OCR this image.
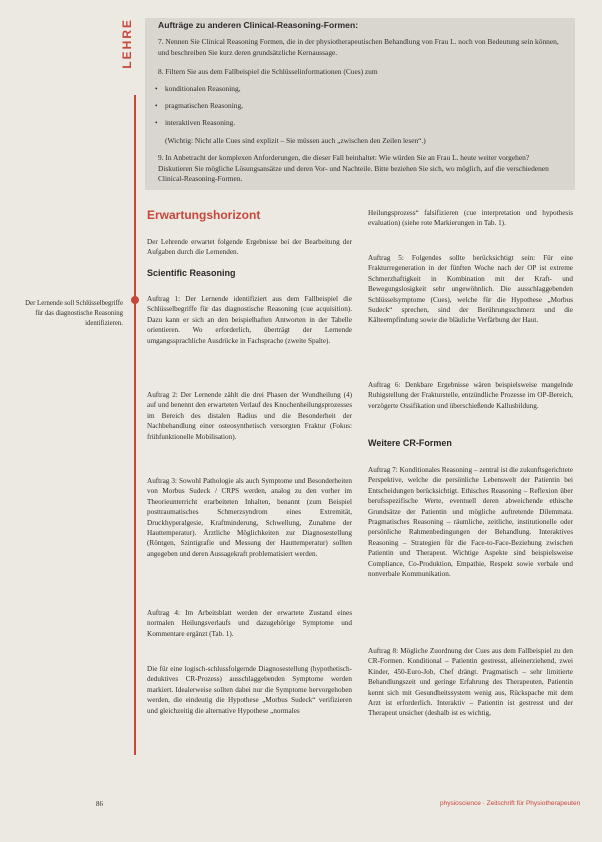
LEHRE	Aufträge zu anderen Clinical-Reasoning-Formen:
7. Nennen Sie Clinical Reasoning Formen, die in der physiotherapeutischen Behandlung von Frau L. noch von Bedeutung sein können, und beschreiben Sie kurz deren grundsätzliche Kernaussage.
8. Filtern Sie aus dem Fallbeispiel die Schlüsselinformationen (Cues) zum
• konditionalen Reasoning,
• pragmatischen Reasoning,
• interaktiven Reasoning.
(Wichtig: Nicht alle Cues sind explizit – Sie müssen auch „zwischen den Zeilen lesen“.)
9. In Anbetracht der komplexen Anforderungen, die dieser Fall beinhaltet: Wie würden Sie an Frau L. heute weiter vorgehen? Diskutieren Sie mögliche Lösungsansätze und deren Vor- und Nachteile. Bitte beziehen Sie sich, wo möglich, auf die verschiedenen Clinical-Reasoning-Formen.
Erwartungshorizont
Der Lehrende erwartet folgende Ergebnisse bei der Bearbeitung der Aufgaben durch die Lernenden.
Scientific Reasoning
Auftrag 1: Der Lernende identifiziert aus dem Fallbeispiel die Schlüsselbegriffe für das diagnostische Reasoning (cue acquisition). Dazu kann er sich an den beispielhaften Antworten in der Tabelle orientieren. Wo erforderlich, überträgt der Lernende umgangssprachliche Ausdrücke in Fachsprache (zweite Spalte).
Auftrag 2: Der Lernende zählt die drei Phasen der Wundheilung (4) auf und benennt den erwarteten Verlauf des Knochenheilungsprozesses im Bereich des distalen Radius und die Besonderheit der Nachbehandlung einer osteosynthetisch versorgten Fraktur (Fokus: frühfunktionelle Mobilisation).
Auftrag 3: Sowohl Pathologie als auch Symptome und Besonderheiten von Morbus Sudeck / CRPS werden, analog zu den vorher im Theorieunterricht erarbeiteten Inhalten, benannt (zum Beispiel posttraumatisches Schmerzsyndrom eines Extremität, Druckhyperalgesie, Kraftminderung, Schwellung, Zunahme der Hauttemperatur). Ärztliche Möglichkeiten zur Diagnosestellung (Röntgen, Szintigrafie und Messung der Hauttemperatur) sollten angegeben und deren Aussagekraft problematisiert werden.
Auftrag 4: Im Arbeitsblatt werden der erwartete Zustand eines normalen Heilungsverlaufs und dazugehörige Symptome und Kommentare ergänzt (Tab. 1).
Die für eine logisch-schlussfolgernde Diagnosestellung (hypothetisch-deduktives CR-Prozess) ausschlaggebenden Symptome werden markiert. Idealerweise sollten dabei nur die Symptome hervorgehoben werden, die eindeutig die Hypothese „Morbus Sudeck“ verifizieren und gleichzeitig die alternative Hypothese „normales
Heilungsprozess“ falsifizieren (cue interpretation und hypothesis evaluation) (siehe rote Markierungen in Tab. 1).
Auftrag 5: Folgendes sollte berücksichtigt sein: Für eine Frakturregeneration in der fünften Woche nach der OP ist extreme Schmerzhaftigkeit in Kombination mit der Kraft- und Bewegungslosigkeit sehr ungewöhnlich. Die ausschlaggebenden Schlüsselsymptome (Cues), welche für die Hypothese „Morbus Sudeck“ sprechen, sind der Berührungsschmerz und die Kälteempfindung sowie die bläuliche Verfärbung der Haut.
Auftrag 6: Denkbare Ergebnisse wären beispielsweise mangelnde Ruhigstellung der Frakturstelle, entzündliche Prozesse im OP-Bereich, verzögerte Ossifikation und überschießende Kallusbildung.
Weitere CR-Formen
Auftrag 7: Konditionales Reasoning – zentral ist die zukunftsgerichtete Perspektive, welche die persönliche Lebenswelt der Patientin bei Entscheidungen berücksichtigt. Ethisches Reasoning – Reflexion über berufsspezifische Werte, eventuell deren abweichende ethische Grundsätze der Patientin und mögliche auftretende Dilemmata. Pragmatisches Reasoning – räumliche, zeitliche, institutionelle oder persönliche Rahmenbedingungen der Behandlung. Interaktives Reasoning – Strategien für die Face-to-Face-Beziehung zwischen Patientin und Therapeut. Wichtige Aspekte sind beispielsweise Compliance, Co-Produktion, Empathie, Respekt sowie verbale und nonverbale Kommunikation.
Auftrag 8: Mögliche Zuordnung der Cues aus dem Fallbeispiel zu den CR-Formen. Konditional – Patientin gestresst, alleinerziehend, zwei Kinder, 450-Euro-Job, Chef drängt. Pragmatisch – sehr limitierte Behandlungszeit und geringe Erfahrung des Therapeuten, Patientin kennt sich mit Gesundheitssystem wenig aus, Rückspache mit dem Arzt ist erforderlich. Interaktiv – Patientin ist gestresst und der Therapeut unsicher (deshalb ist es wichtig,
Der Lernende soll Schlüsselbegriffe für das diagnostische Reasoning identifizieren.
86	physioscience · Zeitschrift für Physiotherapeuten
